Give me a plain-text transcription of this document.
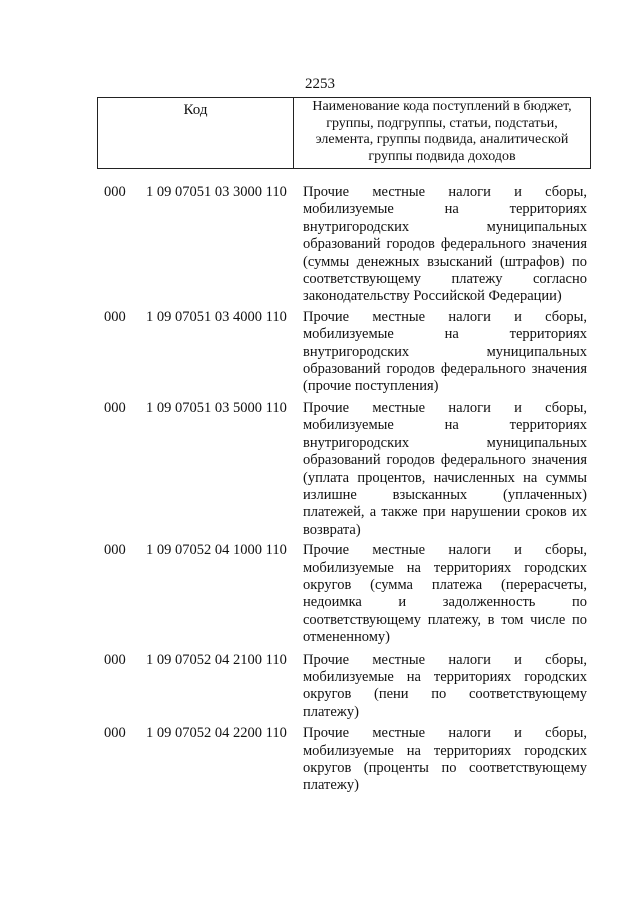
2253
Код	Наименование кода поступлений в бюджет, группы, подгруппы, статьи, подстатьи, элемента, группы подвида, аналитической группы подвида доходов
000 1 09 07051 03 3000 110 Прочие местные налоги и сборы, мобилизуемые на территориях внутригородских муниципальных образований городов федерального значения (суммы денежных взысканий (штрафов) по соответствующему платежу согласно законодательству Российской Федерации)
000 1 09 07051 03 4000 110 Прочие местные налоги и сборы, мобилизуемые на территориях внутригородских муниципальных образований городов федерального значения (прочие поступления)
000 1 09 07051 03 5000 110 Прочие местные налоги и сборы, мобилизуемые на территориях внутригородских муниципальных образований городов федерального значения (уплата процентов, начисленных на суммы излишне взысканных (уплаченных) платежей, а также при нарушении сроков их возврата)
000 1 09 07052 04 1000 110 Прочие местные налоги и сборы, мобилизуемые на территориях городских округов (сумма платежа (перерасчеты, недоимка и задолженность по соответствующему платежу, в том числе по отмененному)
000 1 09 07052 04 2100 110 Прочие местные налоги и сборы, мобилизуемые на территориях городских округов (пени по соответствующему платежу)
000 1 09 07052 04 2200 110 Прочие местные налоги и сборы, мобилизуемые на территориях городских округов (проценты по соответствующему платежу)
